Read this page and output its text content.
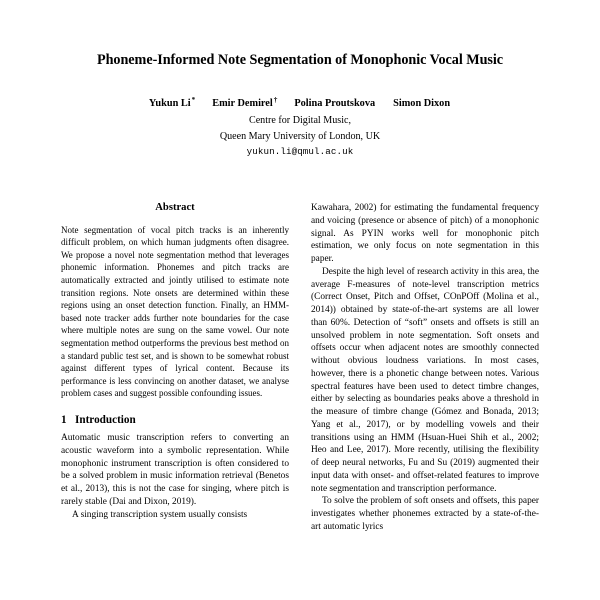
Phoneme-Informed Note Segmentation of Monophonic Vocal Music
Yukun Li* Emir Demirel† Polina Proutskova Simon Dixon
Centre for Digital Music,
Queen Mary University of London, UK
yukun.li@qmul.ac.uk
Abstract

Note segmentation of vocal pitch tracks is an inherently difficult problem, on which human judgments often disagree. We propose a novel note segmentation method that leverages phonemic information. Phonemes and pitch tracks are automatically extracted and jointly utilised to estimate note transition regions. Note onsets are determined within these regions using an onset detection function. Finally, an HMM-based note tracker adds further note boundaries for the case where multiple notes are sung on the same vowel. Our note segmentation method outperforms the previous best method on a standard public test set, and is shown to be somewhat robust against different types of lyrical content. Because its performance is less convincing on another dataset, we analyse problem cases and suggest possible confounding issues.

1 Introduction

Automatic music transcription refers to converting an acoustic waveform into a symbolic representation. While monophonic instrument transcription is often considered to be a solved problem in music information retrieval (Benetos et al., 2013), this is not the case for singing, where pitch is rarely stable (Dai and Dixon, 2019).

A singing transcription system usually consists

Kawahara, 2002) for estimating the fundamental frequency and voicing (presence or absence of pitch) of a monophonic signal. As PYIN works well for monophonic pitch estimation, we only focus on note segmentation in this paper.

Despite the high level of research activity in this area, the average F-measures of note-level transcription metrics (Correct Onset, Pitch and Offset, COnPOff (Molina et al., 2014)) obtained by state-of-the-art systems are all lower than 60%. Detection of “soft” onsets and offsets is still an unsolved problem in note segmentation. Soft onsets and offsets occur when adjacent notes are smoothly connected without obvious loudness variations. In most cases, however, there is a phonetic change between notes. Various spectral features have been used to detect timbre changes, either by selecting as boundaries peaks above a threshold in the measure of timbre change (Gómez and Bonada, 2013; Yang et al., 2017), or by modelling vowels and their transitions using an HMM (Hsuan-Huei Shih et al., 2002; Heo and Lee, 2017). More recently, utilising the flexibility of deep neural networks, Fu and Su (2019) augmented their input data with onset- and offset-related features to improve note segmentation and transcription performance.

To solve the problem of soft onsets and offsets, this paper investigates whether phonemes extracted by a state-of-the-art automatic lyrics
